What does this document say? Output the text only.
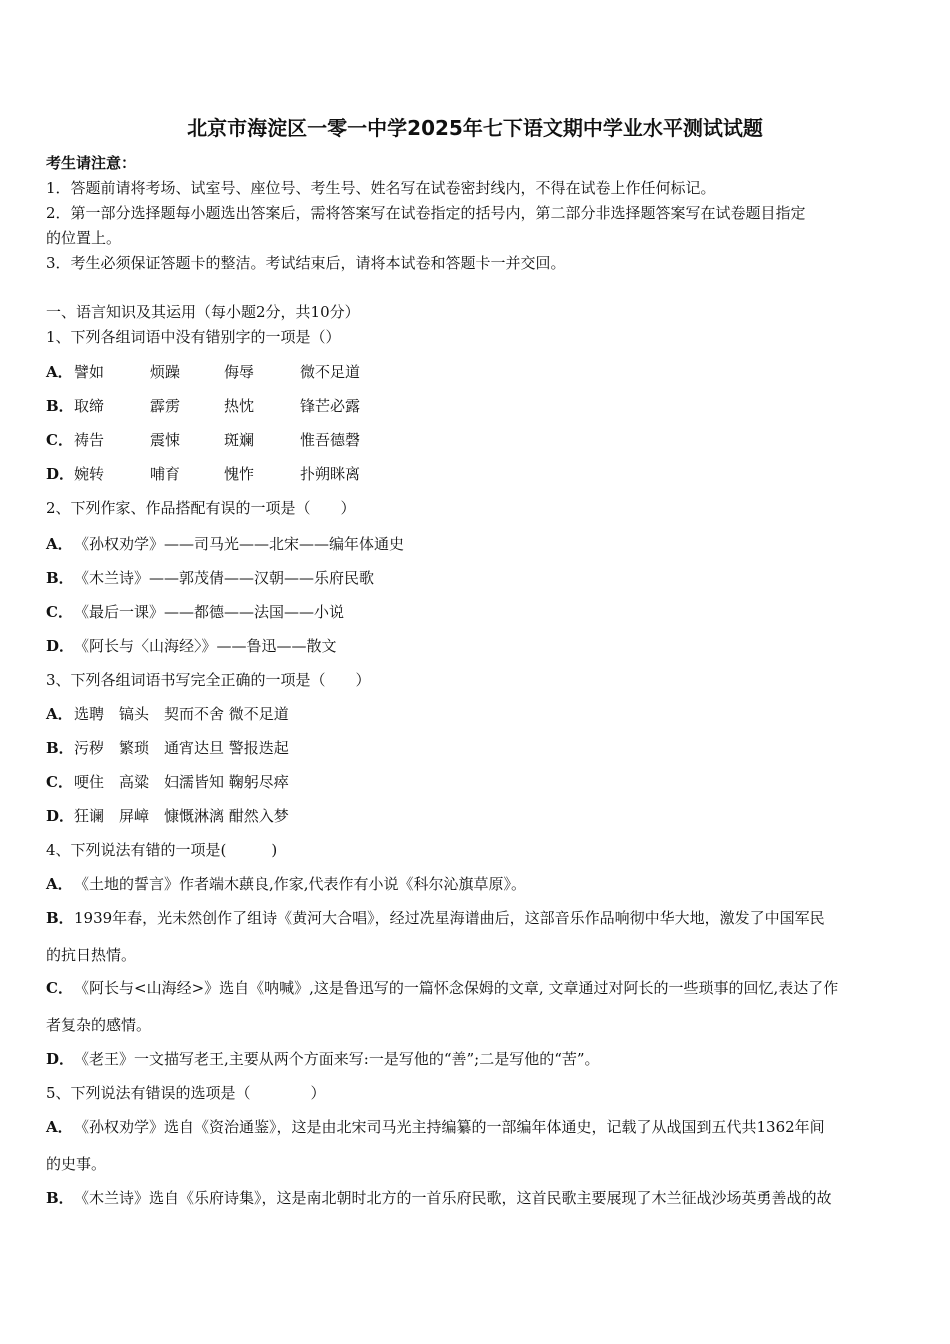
北京市海淀区一零一中学2025年七下语文期中学业水平测试试题
考生请注意：
1．答题前请将考场、试室号、座位号、考生号、姓名写在试卷密封线内，不得在试卷上作任何标记。
2．第一部分选择题每小题选出答案后，需将答案写在试卷指定的括号内，第二部分非选择题答案写在试卷题目指定
的位置上。
3．考生必须保证答题卡的整洁。考试结束后，请将本试卷和答题卡一并交回。
一、语言知识及其运用（每小题2分，共10分）
1、下列各组词语中没有错别字的一项是（）
A．譬如	烦躁	侮辱	微不足道
B．取缔	霹雳	热忱	锋芒必露
C．祷告	震悚	斑斓	惟吾德磬
D．婉转	哺育	愧怍	扑朔眯离
2、下列作家、作品搭配有误的一项是（　　）
A．《孙权劝学》——司马光——北宋——编年体通史
B．《木兰诗》——郭茂倩——汉朝——乐府民歌
C．《最后一课》——都德——法国——小说
D．《阿长与〈山海经〉》——鲁迅——散文
3、下列各组词语书写完全正确的一项是（　　）
A．选聘　镐头　契而不舍 微不足道
B．污秽　繁琐　通宵达旦 警报迭起
C．哽住　高粱　妇濡皆知 鞠躬尽瘁
D．狂谰　屏嶂　慷慨淋漓 酣然入梦
4、下列说法有错的一项是(　　　)
A．《土地的誓言》作者端木蕻良,作家,代表作有小说《科尔沁旗草原》。
B．1939年春，光未然创作了组诗《黄河大合唱》，经过冼星海谱曲后，这部音乐作品响彻中华大地，激发了中国军民
的抗日热情。
C．《阿长与<山海经>》选自《呐喊》,这是鲁迅写的一篇怀念保姆的文章, 文章通过对阿长的一些琐事的回忆,表达了作
者复杂的感情。
D．《老王》一文描写老王,主要从两个方面来写:一是写他的“善”;二是写他的“苦”。
5、下列说法有错误的选项是（　　　　）
A．《孙权劝学》选自《资治通鉴》，这是由北宋司马光主持编纂的一部编年体通史，记载了从战国到五代共1362年间
的史事。
B．《木兰诗》选自《乐府诗集》，这是南北朝时北方的一首乐府民歌，这首民歌主要展现了木兰征战沙场英勇善战的故
